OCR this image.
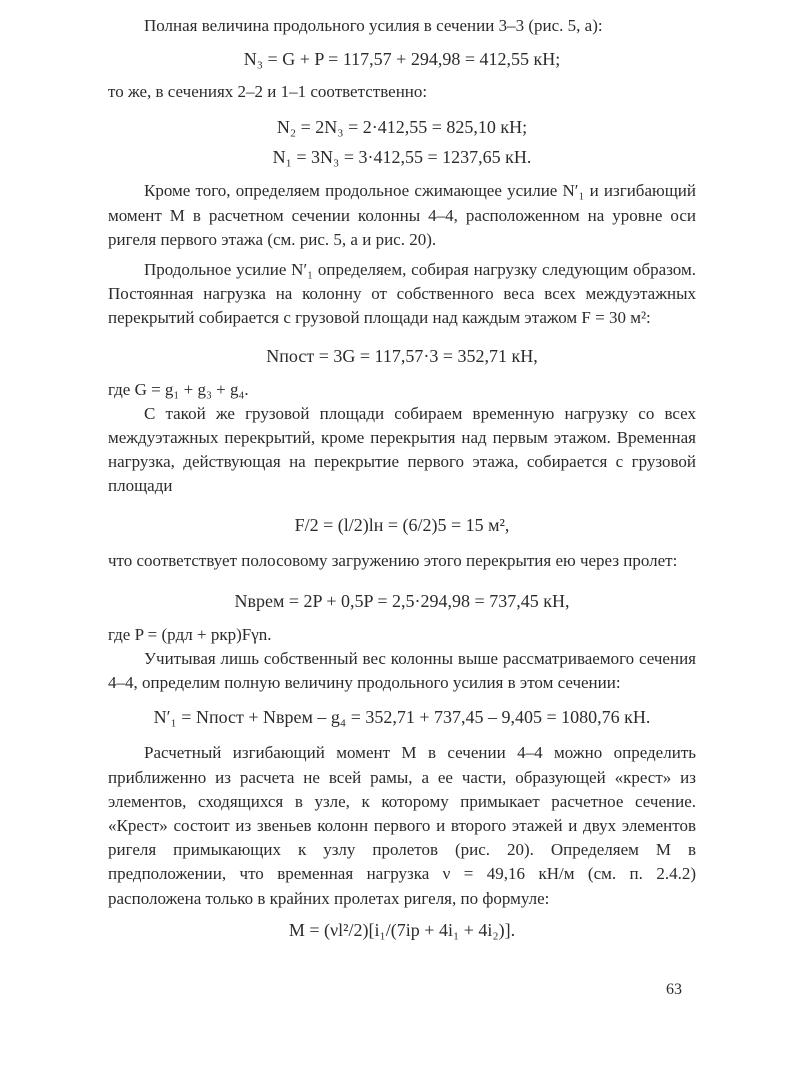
Полная величина продольного усилия в сечении 3–3 (рис. 5, а):

N₃ = G + P = 117,57 + 294,98 = 412,55 кН;

то же, в сечениях 2–2 и 1–1 соответственно:

N₂ = 2N₃ = 2·412,55 = 825,10 кН;

N₁ = 3N₃ = 3·412,55 = 1237,65 кН.

Кроме того, определяем продольное сжимающее усилие N′₁ и изгибающий момент M в расчетном сечении колонны 4–4, расположенном на уровне оси ригеля первого этажа (см. рис. 5, а и рис. 20).

Продольное усилие N′₁ определяем, собирая нагрузку следующим образом. Постоянная нагрузка на колонну от собственного веса всех междуэтажных перекрытий собирается с грузовой площади над каждым этажом F = 30 м²:

Nпост = 3G = 117,57·3 = 352,71 кН,

где G = g₁ + g₃ + g₄.

С такой же грузовой площади собираем временную нагрузку со всех междуэтажных перекрытий, кроме перекрытия над первым этажом. Временная нагрузка, действующая на перекрытие первого этажа, собирается с грузовой площади

F/2 = (l/2)lн = (6/2)5 = 15 м²,

что соответствует полосовому загружению этого перекрытия ею через пролет:

Nврем = 2P + 0,5P = 2,5·294,98 = 737,45 кН,

где P = (pдл + pкр)Fγn.

Учитывая лишь собственный вес колонны выше рассматриваемого сечения 4–4, определим полную величину продольного усилия в этом сечении:

N′₁ = Nпост + Nврем – g₄ = 352,71 + 737,45 – 9,405 = 1080,76 кН.

Расчетный изгибающий момент M в сечении 4–4 можно определить приближенно из расчета не всей рамы, а ее части, образующей «крест» из элементов, сходящихся в узле, к которому примыкает расчетное сечение. «Крест» состоит из звеньев колонн первого и второго этажей и двух элементов ригеля примыкающих к узлу пролетов (рис. 20). Определяем M в предположении, что временная нагрузка ν = 49,16 кН/м (см. п. 2.4.2) расположена только в крайних пролетах ригеля, по формуле:

M = (νl²/2)[i₁/(7iр + 4i₁ + 4i₂)].

63
